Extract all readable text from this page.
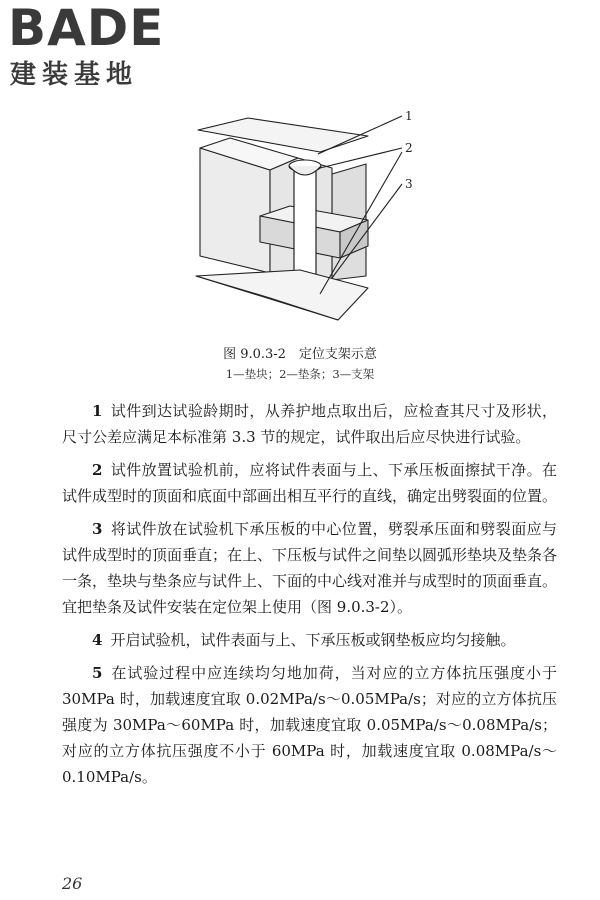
BADE
建装基地
1
2
3
图 9.0.3-2　定位支架示意
1—垫块；2—垫条；3—支架

1 试件到达试验龄期时，从养护地点取出后，应检查其尺寸及形状，尺寸公差应满足本标准第 3.3 节的规定，试件取出后应尽快进行试验。

2 试件放置试验机前，应将试件表面与上、下承压板面擦拭干净。在试件成型时的顶面和底面中部画出相互平行的直线，确定出劈裂面的位置。

3 将试件放在试验机下承压板的中心位置，劈裂承压面和劈裂面应与试件成型时的顶面垂直；在上、下压板与试件之间垫以圆弧形垫块及垫条各一条，垫块与垫条应与试件上、下面的中心线对准并与成型时的顶面垂直。宜把垫条及试件安装在定位架上使用（图 9.0.3-2）。

4 开启试验机，试件表面与上、下承压板或钢垫板应均匀接触。

5 在试验过程中应连续均匀地加荷，当对应的立方体抗压强度小于 30MPa 时，加载速度宜取 0.02MPa/s～0.05MPa/s；对应的立方体抗压强度为 30MPa～60MPa 时，加载速度宜取 0.05MPa/s～0.08MPa/s；对应的立方体抗压强度不小于 60MPa 时，加载速度宜取 0.08MPa/s～0.10MPa/s。

26
